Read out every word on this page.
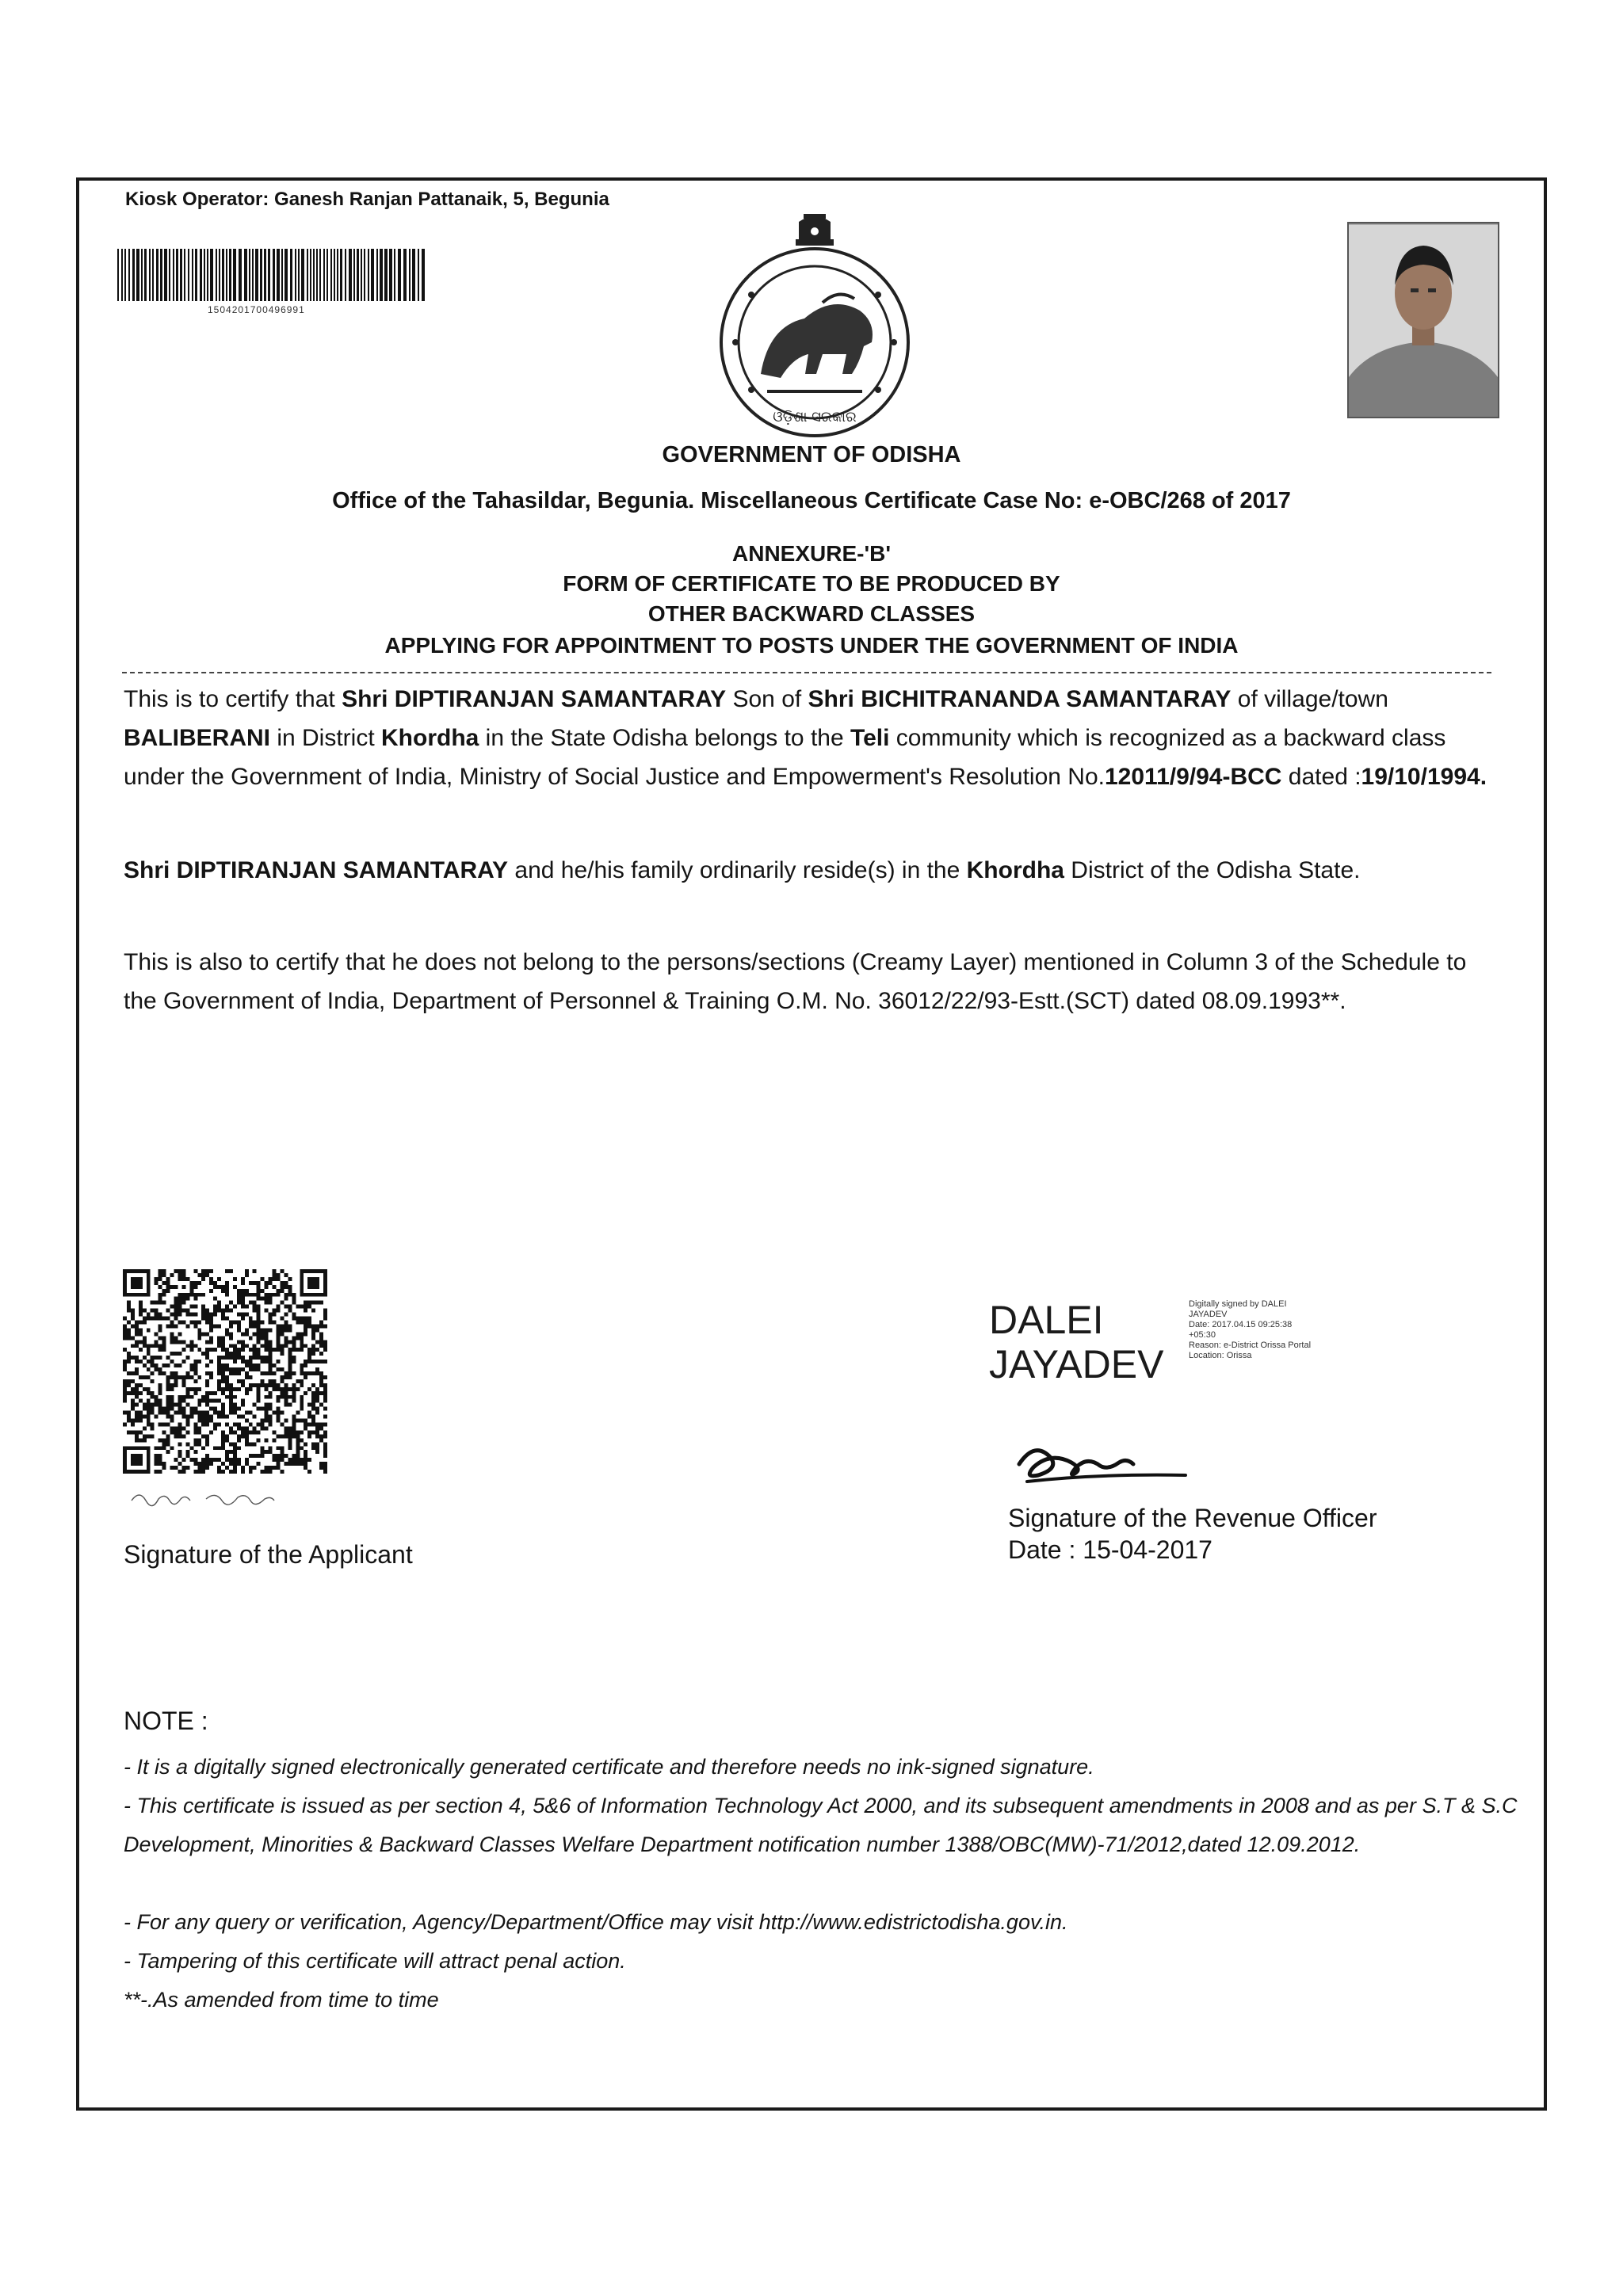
Kiosk Operator: Ganesh Ranjan Pattanaik, 5, Begunia
1504201700496991
ଓଡ଼ିଶା ସରକାର
GOVERNMENT OF ODISHA
Office of the Tahasildar, Begunia. Miscellaneous Certificate Case No: e-OBC/268 of 2017
ANNEXURE-'B'
FORM OF CERTIFICATE TO BE PRODUCED BY
OTHER BACKWARD CLASSES
APPLYING FOR APPOINTMENT TO POSTS UNDER THE GOVERNMENT OF INDIA
This is to certify that Shri DIPTIRANJAN SAMANTARAY Son of Shri BICHITRANANDA SAMANTARAY of village/town BALIBERANI in District Khordha in the State Odisha belongs to the Teli community which is recognized as a backward class under the Government of India, Ministry of Social Justice and Empowerment's Resolution No.12011/9/94-BCC dated :19/10/1994.
Shri DIPTIRANJAN SAMANTARAY and he/his family ordinarily reside(s) in the Khordha District of the Odisha State.
This is also to certify that he does not belong to the persons/sections (Creamy Layer) mentioned in Column 3 of the Schedule to the Government of India, Department of Personnel & Training O.M. No. 36012/22/93-Estt.(SCT) dated 08.09.1993**.
Signature of the Applicant
DALEI
JAYADEV
Digitally signed by DALEI
JAYADEV
Date: 2017.04.15 09:25:38
+05:30
Reason: e-District Orissa Portal
Location: Orissa
Signature of the Revenue Officer
Date : 15-04-2017
NOTE :
- It is a digitally signed electronically generated certificate and therefore needs no ink-signed signature.
- This certificate is issued as per section 4, 5&6 of Information Technology Act 2000, and its subsequent amendments in 2008 and as per S.T & S.C Development, Minorities & Backward Classes Welfare Department notification number 1388/OBC(MW)-71/2012,dated 12.09.2012.
- For any query or verification, Agency/Department/Office may visit http://www.edistrictodisha.gov.in.
- Tampering of this certificate will attract penal action.
**-.As amended from time to time
